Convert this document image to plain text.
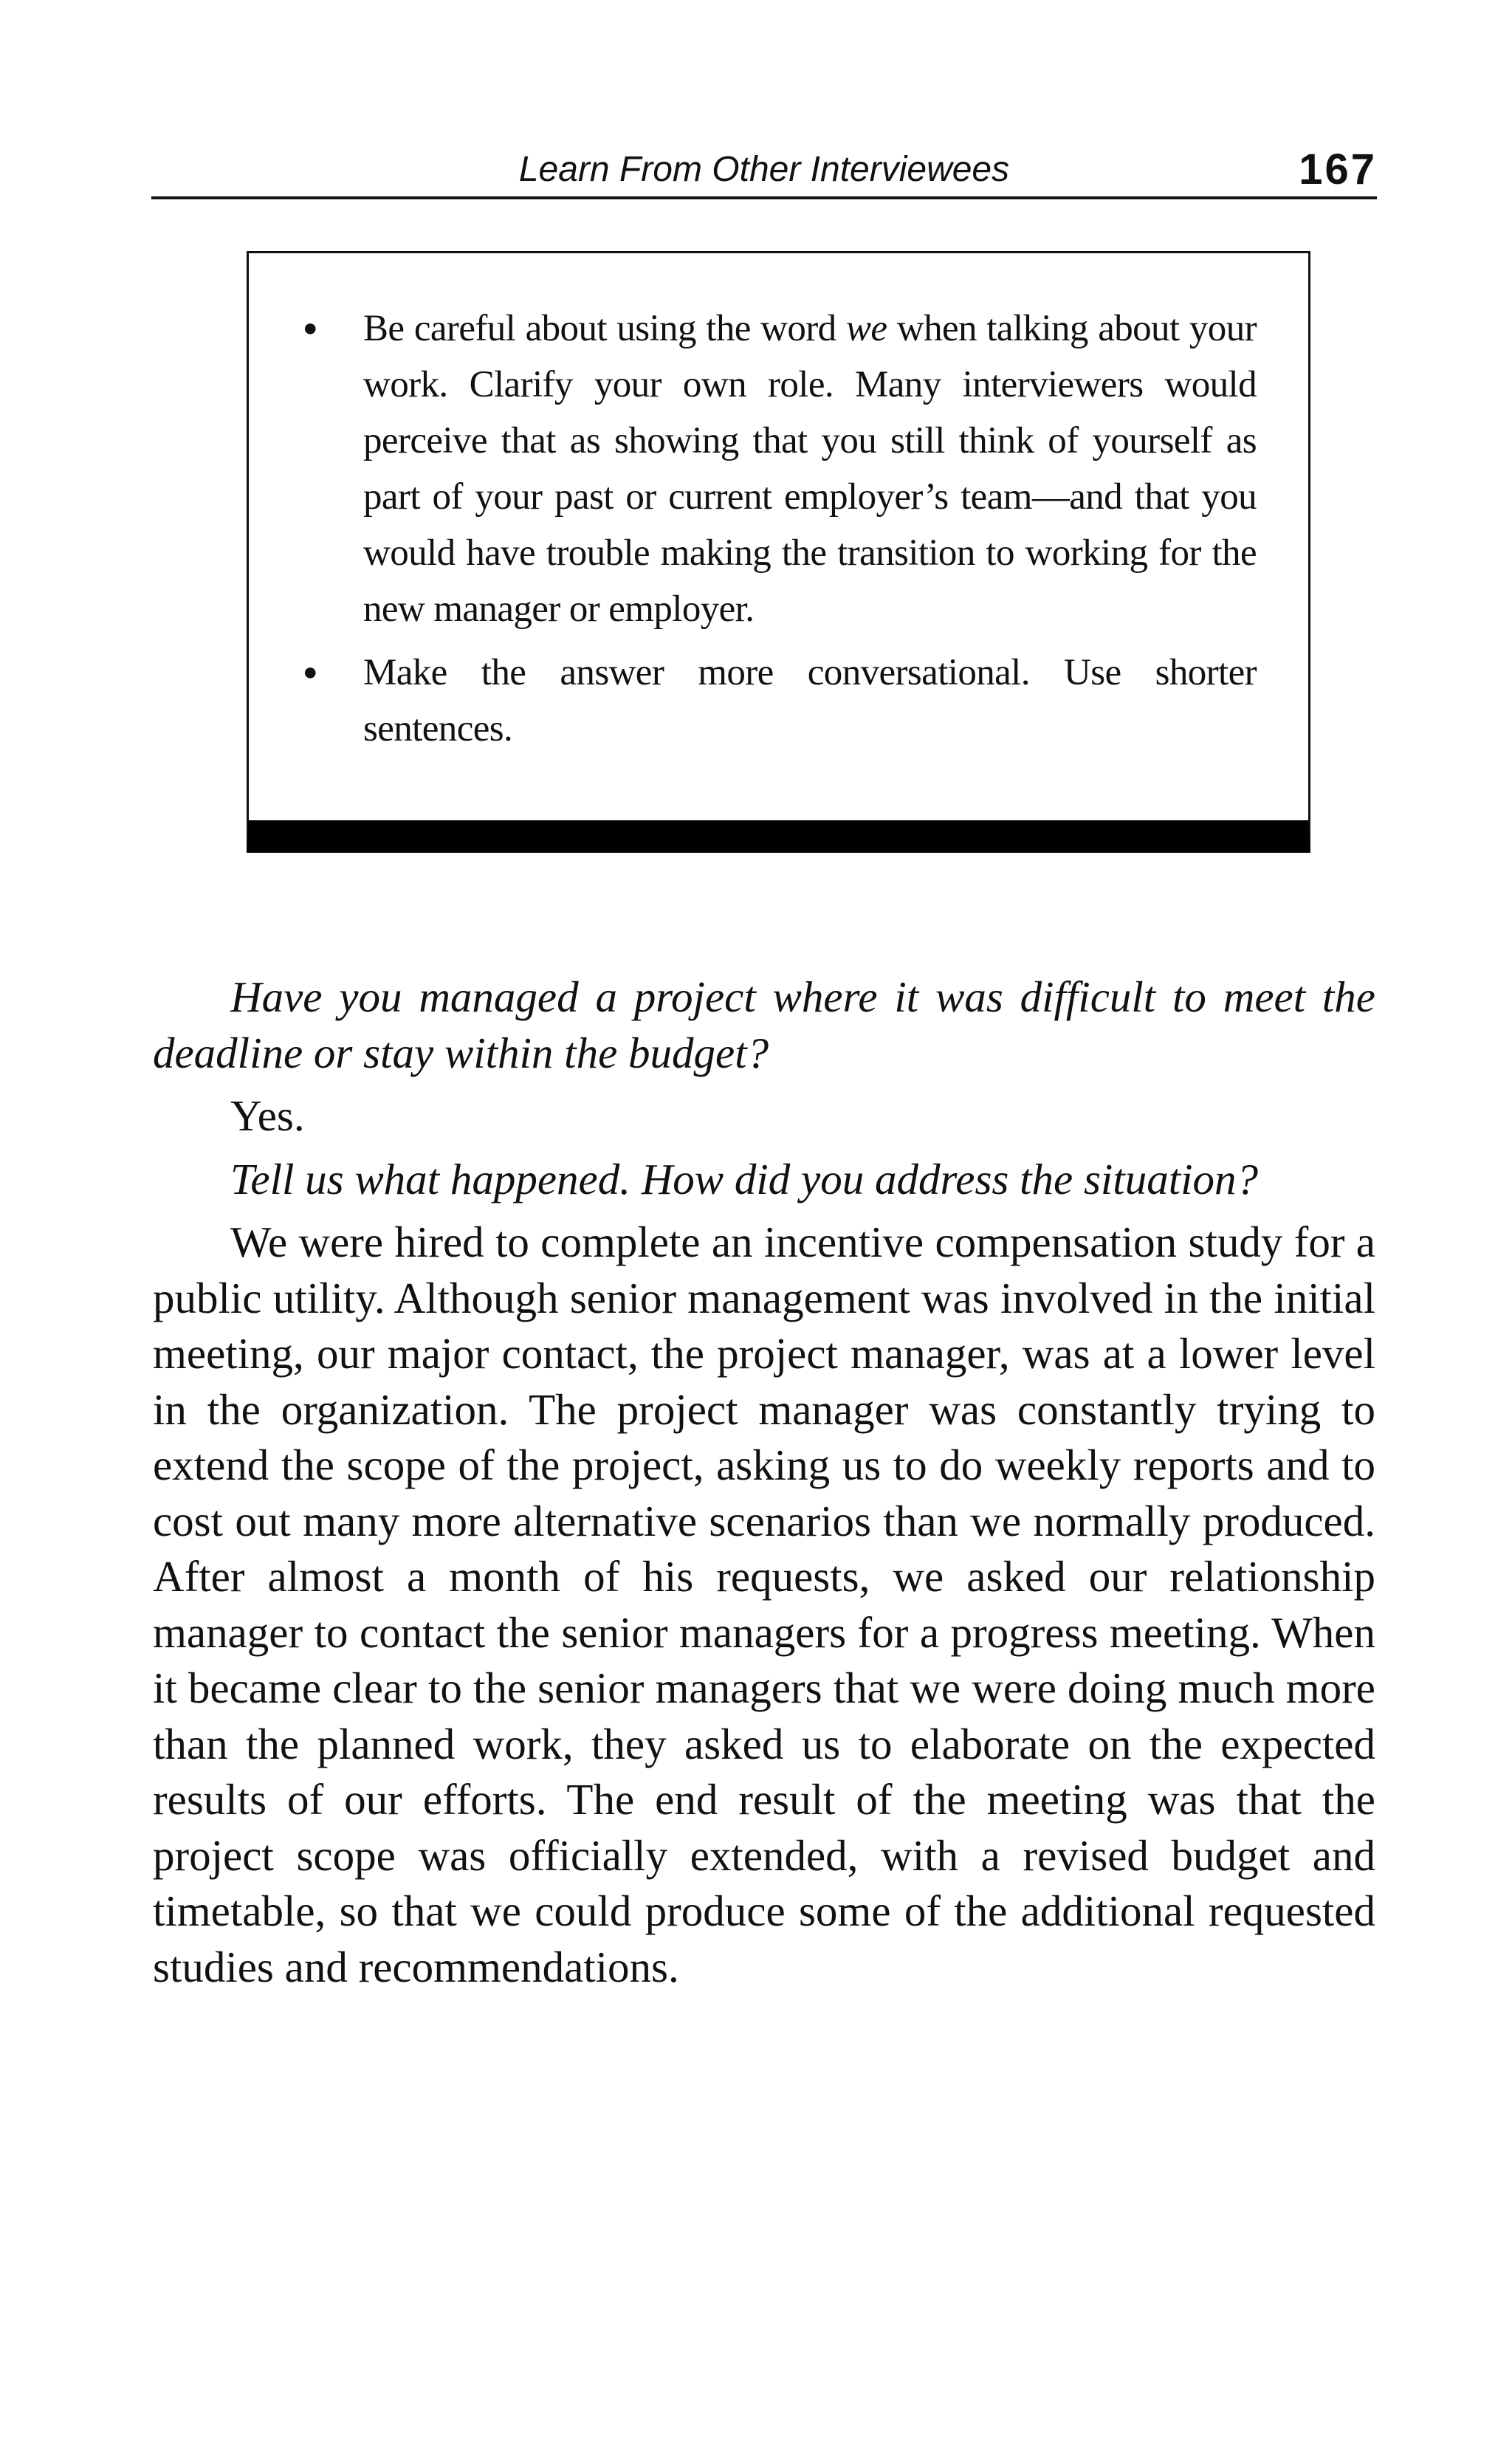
Learn From Other Interviewees	167
● Be careful about using the word we when talking about your work. Clarify your own role. Many interviewers would perceive that as showing that you still think of yourself as part of your past or current employer’s team—and that you would have trouble making the transition to working for the new manager or employer.
● Make the answer more conversational. Use shorter sentences.

Have you managed a project where it was difficult to meet the deadline or stay within the budget?

Yes.

Tell us what happened. How did you address the situation?

We were hired to complete an incentive compensation study for a public utility. Although senior management was involved in the initial meeting, our major contact, the project manager, was at a lower level in the organization. The project manager was constantly trying to extend the scope of the project, asking us to do weekly reports and to cost out many more alternative scenarios than we normally produced. After almost a month of his requests, we asked our relationship manager to contact the senior managers for a progress meeting. When it became clear to the senior managers that we were doing much more than the planned work, they asked us to elaborate on the expected results of our efforts. The end result of the meeting was that the project scope was officially extended, with a revised budget and timetable, so that we could produce some of the additional requested studies and recommendations.
